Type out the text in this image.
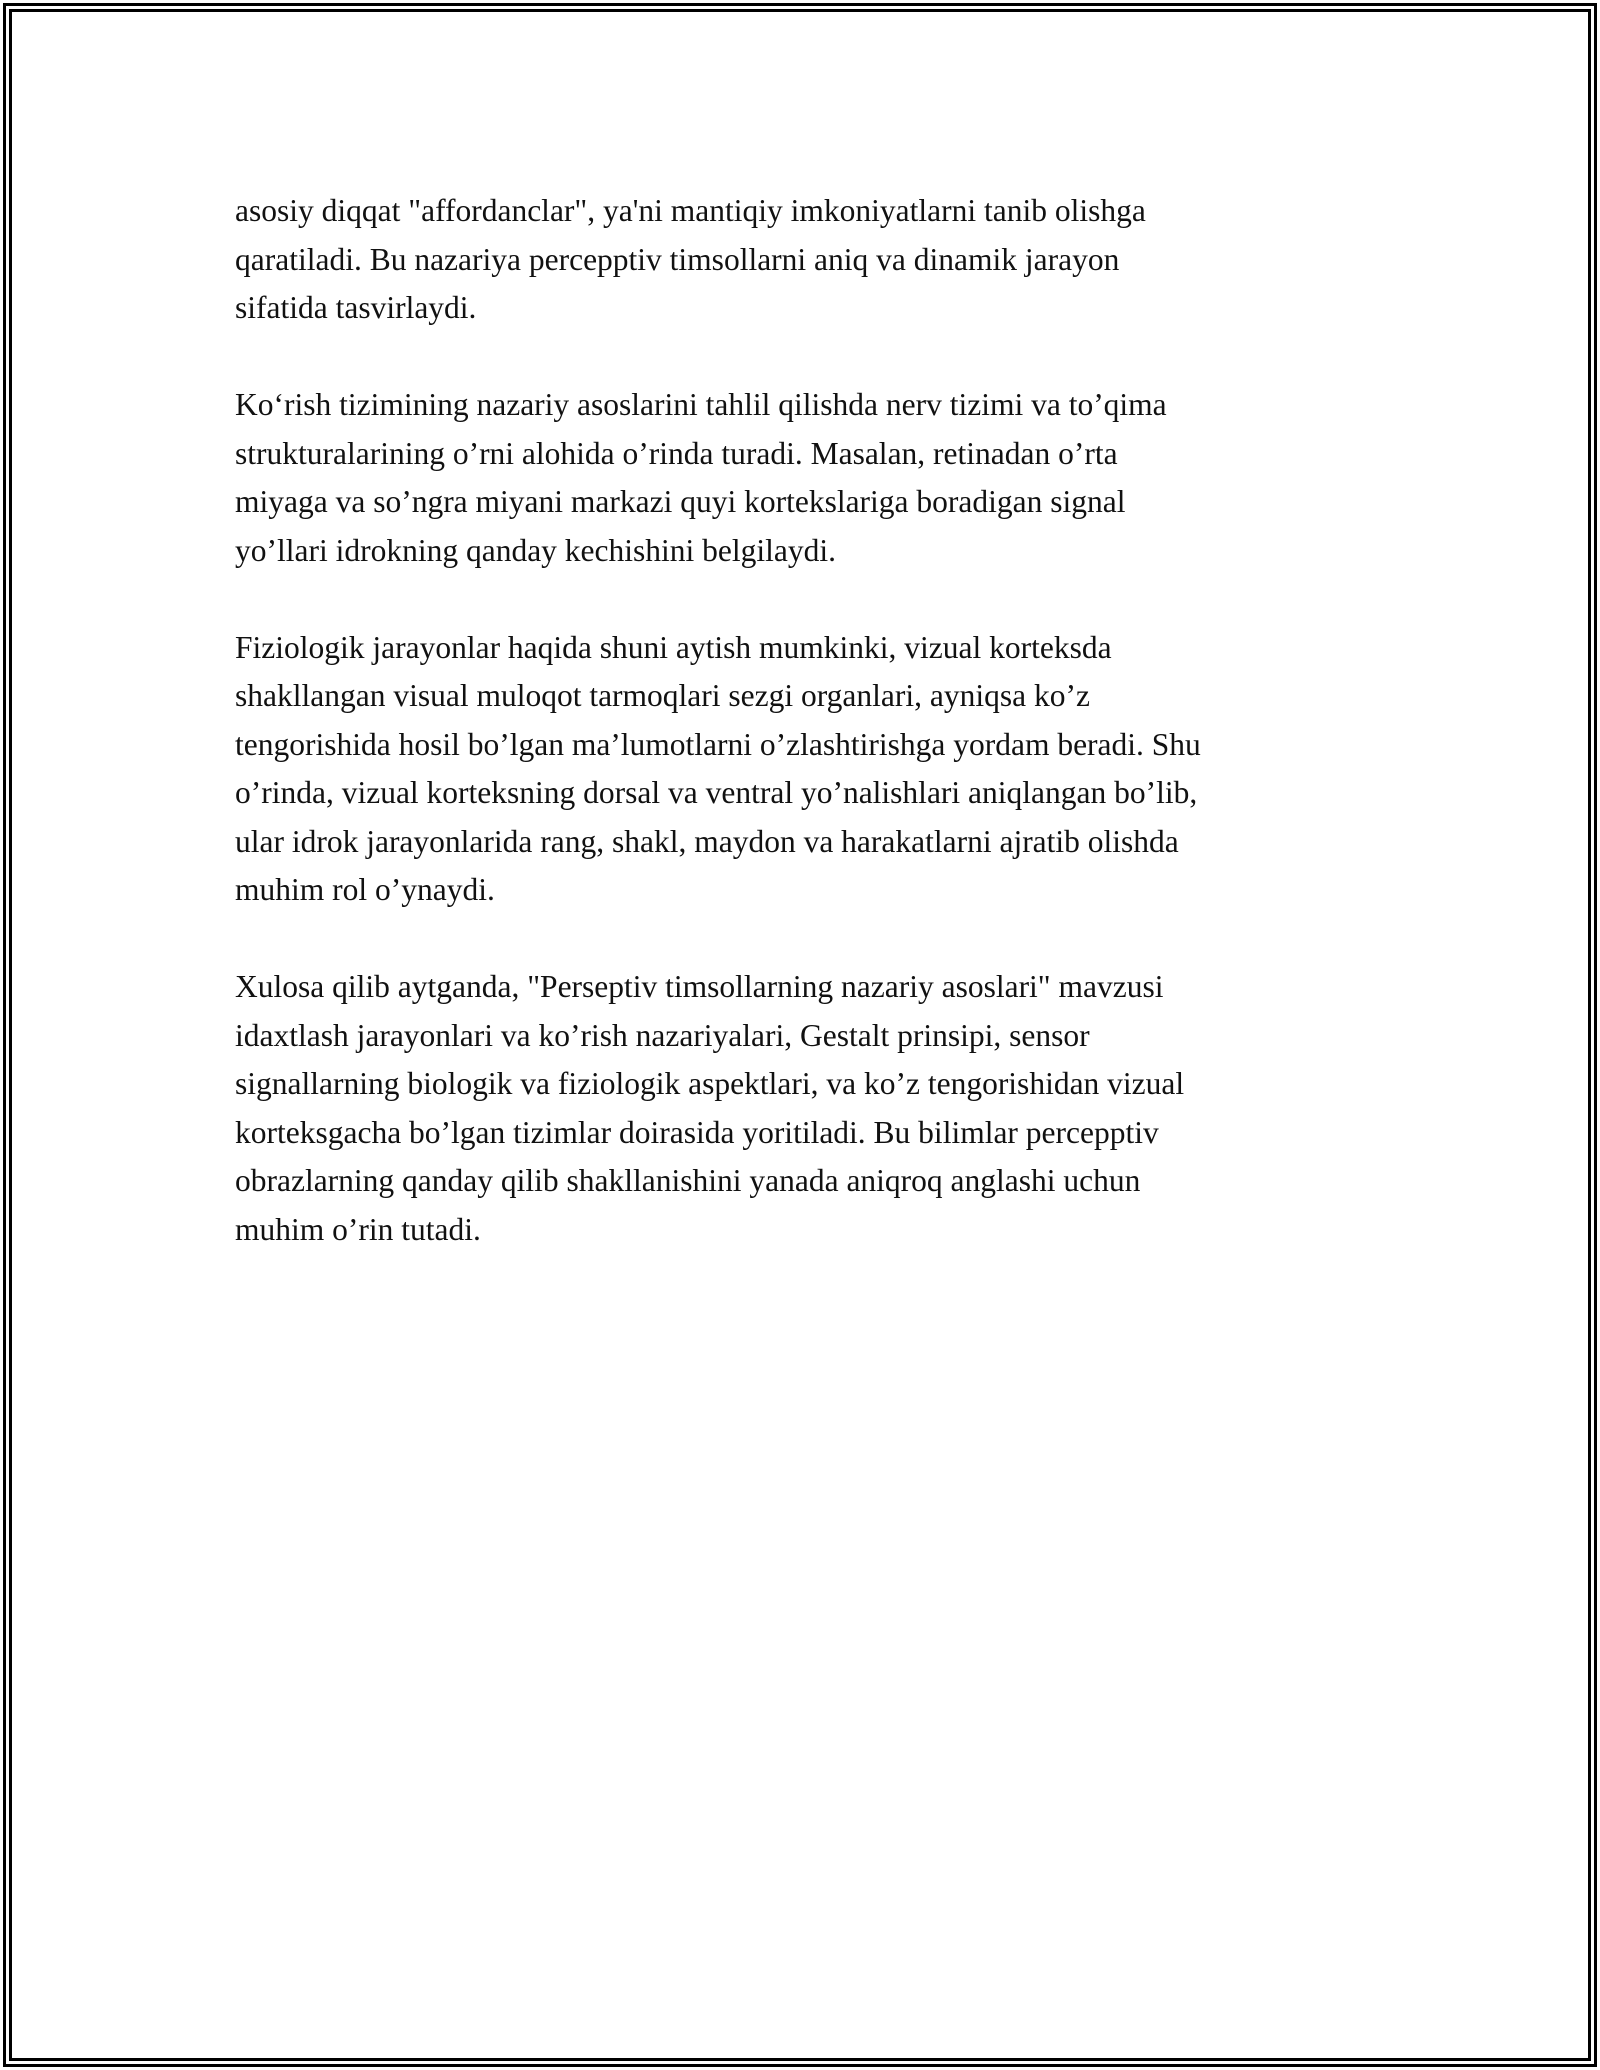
asosiy diqqat "affordanclar", ya'ni mantiqiy imkoniyatlarni tanib olishga
qaratiladi. Bu nazariya percepptiv timsollarni aniq va dinamik jarayon
sifatida tasvirlaydi.

Ko‘rish tizimining nazariy asoslarini tahlil qilishda nerv tizimi va to’qima
strukturalarining o’rni alohida o’rinda turadi. Masalan, retinadan o’rta
miyaga va so’ngra miyani markazi quyi kortekslariga boradigan signal
yo’llari idrokning qanday kechishini belgilaydi.

Fiziologik jarayonlar haqida shuni aytish mumkinki, vizual korteksda
shakllangan visual muloqot tarmoqlari sezgi organlari, ayniqsa ko’z
tengorishida hosil bo’lgan ma’lumotlarni o’zlashtirishga yordam beradi. Shu
o’rinda, vizual korteksning dorsal va ventral yo’nalishlari aniqlangan bo’lib,
ular idrok jarayonlarida rang, shakl, maydon va harakatlarni ajratib olishda
muhim rol o’ynaydi.

Xulosa qilib aytganda, "Perseptiv timsollarning nazariy asoslari" mavzusi
idaxtlash jarayonlari va ko’rish nazariyalari, Gestalt prinsipi, sensor
signallarning biologik va fiziologik aspektlari, va ko’z tengorishidan vizual
korteksgacha bo’lgan tizimlar doirasida yoritiladi. Bu bilimlar percepptiv
obrazlarning qanday qilib shakllanishini yanada aniqroq anglashi uchun
muhim o’rin tutadi.
